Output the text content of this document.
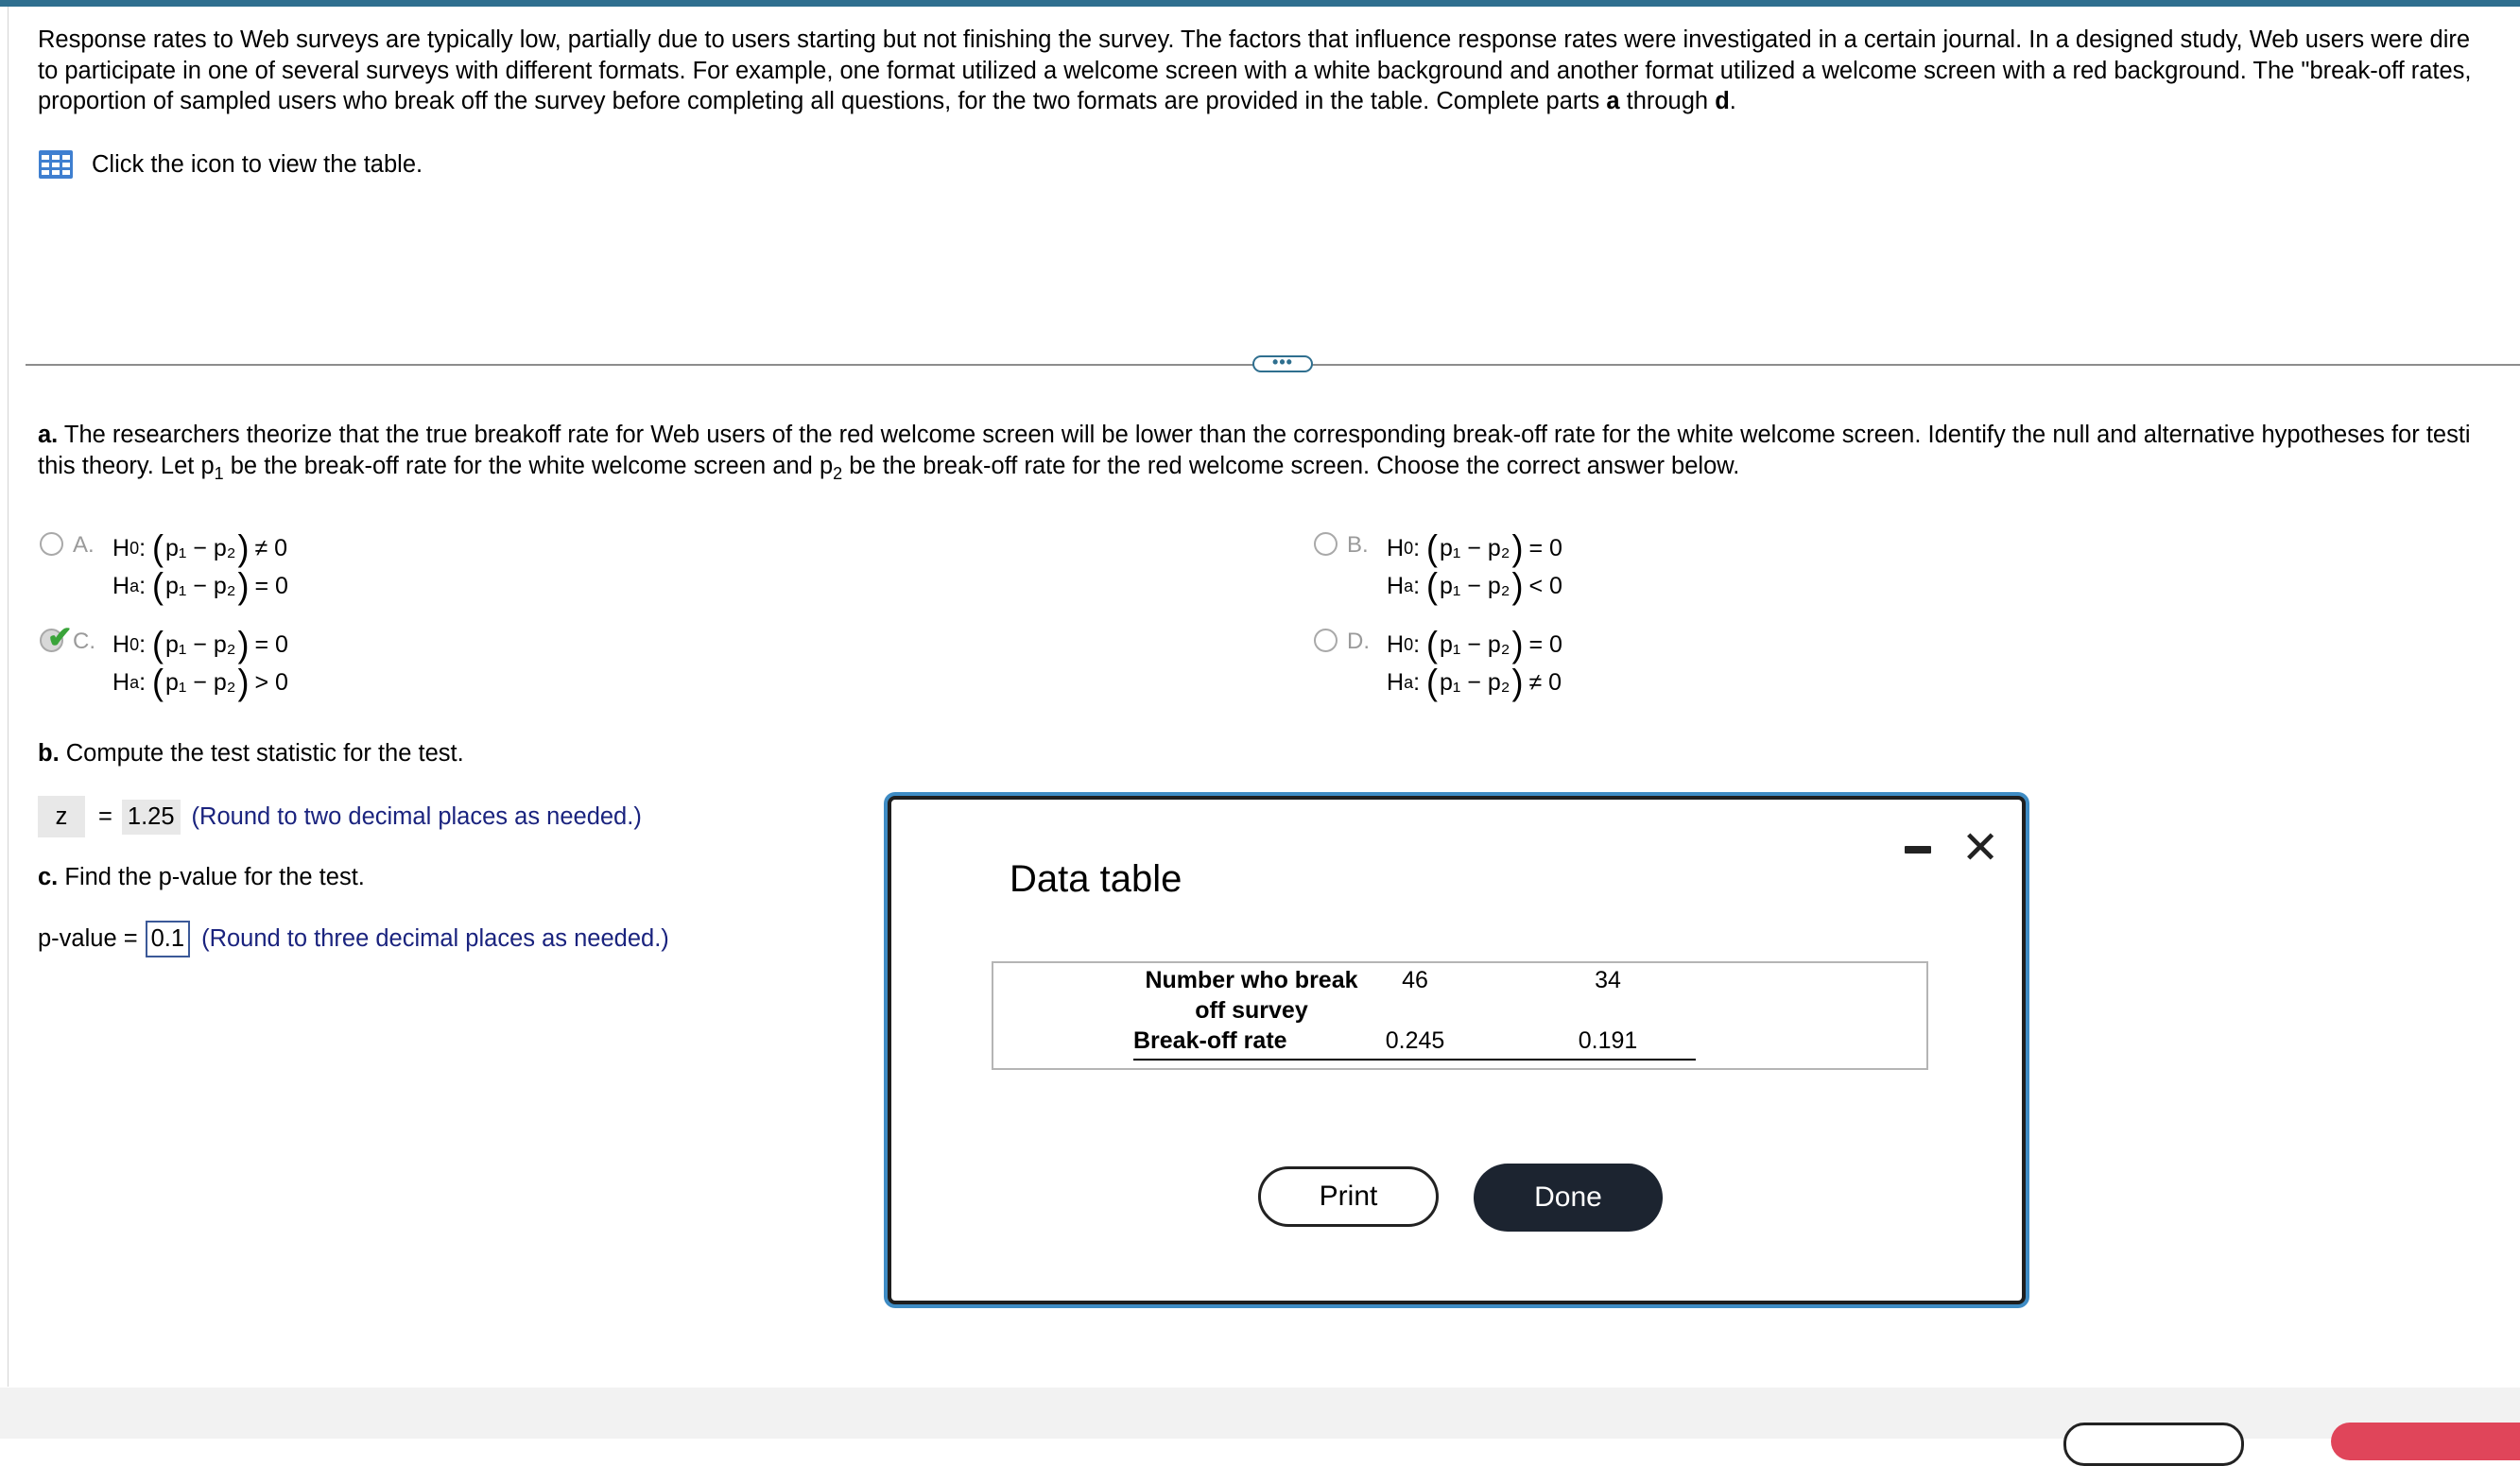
Response rates to Web surveys are typically low, partially due to users starting but not finishing the survey. The factors that influence response rates were investigated in a certain journal. In a designed study, Web users were dire

to participate in one of several surveys with different formats. For example, one format utilized a welcome screen with a white background and another format utilized a welcome screen with a red background. The "break-off rates,

proportion of sampled users who break off the survey before completing all questions, for the two formats are provided in the table. Complete parts a through d.

Click the icon to view the table.
•••

a. The researchers theorize that the true breakoff rate for Web users of the red welcome screen will be lower than the corresponding break-off rate for the white welcome screen. Identify the null and alternative hypotheses for testi

this theory. Let $p_1$ be the break-off rate for the white welcome screen and $p_2$ be the break-off rate for the red welcome screen. Choose the correct answer below.

A. H 0 :
( p₁ − p₂ ) ≠ 0
H a :
( p₁ − p₂ ) = 0
B. H 0 :
( p₁ − p₂ ) = 0
H a :
( p₁ − p₂ ) < 0
✔ C. H 0 :
( p₁ − p₂ ) = 0
H a :
( p₁ − p₂ ) > 0
D. H 0 :
( p₁ − p₂ ) = 0
H a :
( p₁ − p₂ ) ≠ 0
b. Compute the test statistic for the test.
z	= 1.25 (Round to two decimal places as needed.)
c. Find the p-value for the test.
p-value = 0.1 (Round to three decimal places as needed.)
Data table
✕
Number who break
off survey
46	34
Break-off rate	0.245	0.191
Print	Done
